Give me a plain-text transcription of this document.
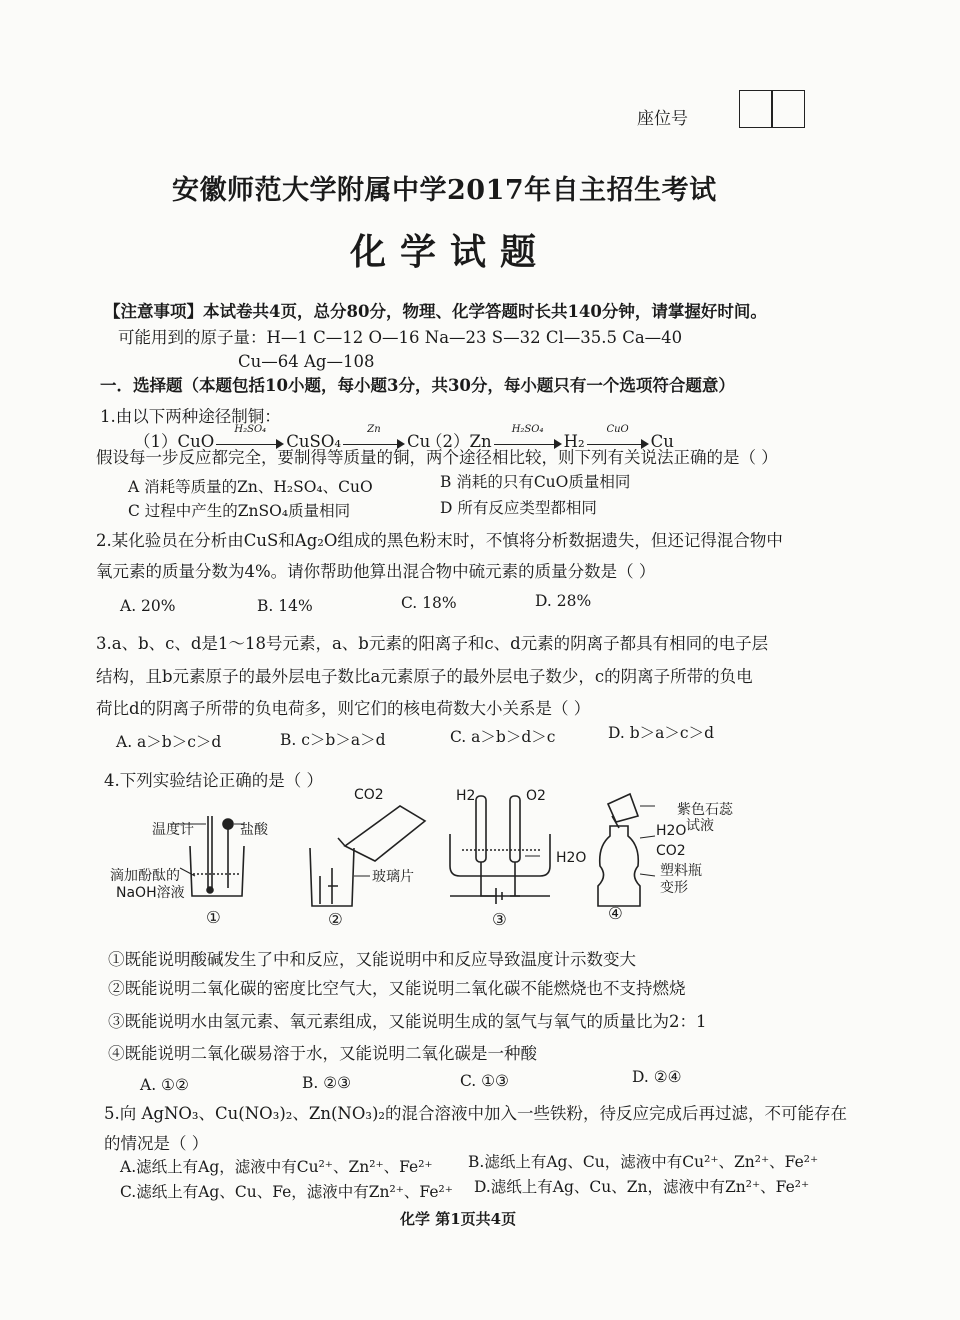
座位号
安徽师范大学附属中学2017年自主招生考试
化学试题
【注意事项】本试卷共4页，总分80分，物理、化学答题时长共140分钟，请掌握好时间。
可能用到的原子量：H—1 C—12 O—16 Na—23 S—32 Cl—35.5 Ca—40
Cu—64 Ag—108
一．选择题（本题包括10小题，每小题3分，共30分，每小题只有一个选项符合题意）
1.由以下两种途径制铜：
（1）CuO
H₂SO₄
CuSO₄
Zn
Cu
（2）Zn
H₂SO₄
H₂
CuO
Cu
假设每一步反应都完全，要制得等质量的铜，两个途径相比较，则下列有关说法正确的是（ ）
A 消耗等质量的Zn、H₂SO₄、CuO	B 消耗的只有CuO质量相同
C 过程中产生的ZnSO₄质量相同	D 所有反应类型都相同
2.某化验员在分析由CuS和Ag₂O组成的黑色粉末时，不慎将分析数据遗失，但还记得混合物中
氧元素的质量分数为4%。请你帮助他算出混合物中硫元素的质量分数是（ ）
A. 20%	B. 14%	C. 18%	D. 28%
3.a、b、c、d是1～18号元素，a、b元素的阳离子和c、d元素的阴离子都具有相同的电子层
结构，且b元素原子的最外层电子数比a元素原子的最外层电子数少，c的阴离子所带的负电
荷比d的阴离子所带的负电荷多，则它们的核电荷数大小关系是（ ）
A. a＞b＞c＞d	B. c＞b＞a＞d	C. a＞b＞d＞c	D. b＞a＞c＞d
4.下列实验结论正确的是（ ）
温度计	盐酸
滴加酚酞的
NaOH溶液
CO2
玻璃片
H2	O2
H2O
紫色石蕊
试液
H2O
CO2
塑料瓶
变形
①	②	③	④
①既能说明酸碱发生了中和反应，又能说明中和反应导致温度计示数变大
②既能说明二氧化碳的密度比空气大，又能说明二氧化碳不能燃烧也不支持燃烧
③既能说明水由氢元素、氧元素组成，又能说明生成的氢气与氧气的质量比为2：1
④既能说明二氧化碳易溶于水，又能说明二氧化碳是一种酸
A. ①②	B. ②③	C. ①③	D. ②④
5.向 AgNO₃、Cu(NO₃)₂、Zn(NO₃)₂的混合溶液中加入一些铁粉，待反应完成后再过滤，不可能存在
的情况是（ ）
A.滤纸上有Ag，滤液中有Cu²⁺、Zn²⁺、Fe²⁺ B.滤纸上有Ag、Cu，滤液中有Cu²⁺、Zn²⁺、Fe²⁺
C.滤纸上有Ag、Cu、Fe，滤液中有Zn²⁺、Fe²⁺ D.滤纸上有Ag、Cu、Zn，滤液中有Zn²⁺、Fe²⁺
化学 第1页共4页
